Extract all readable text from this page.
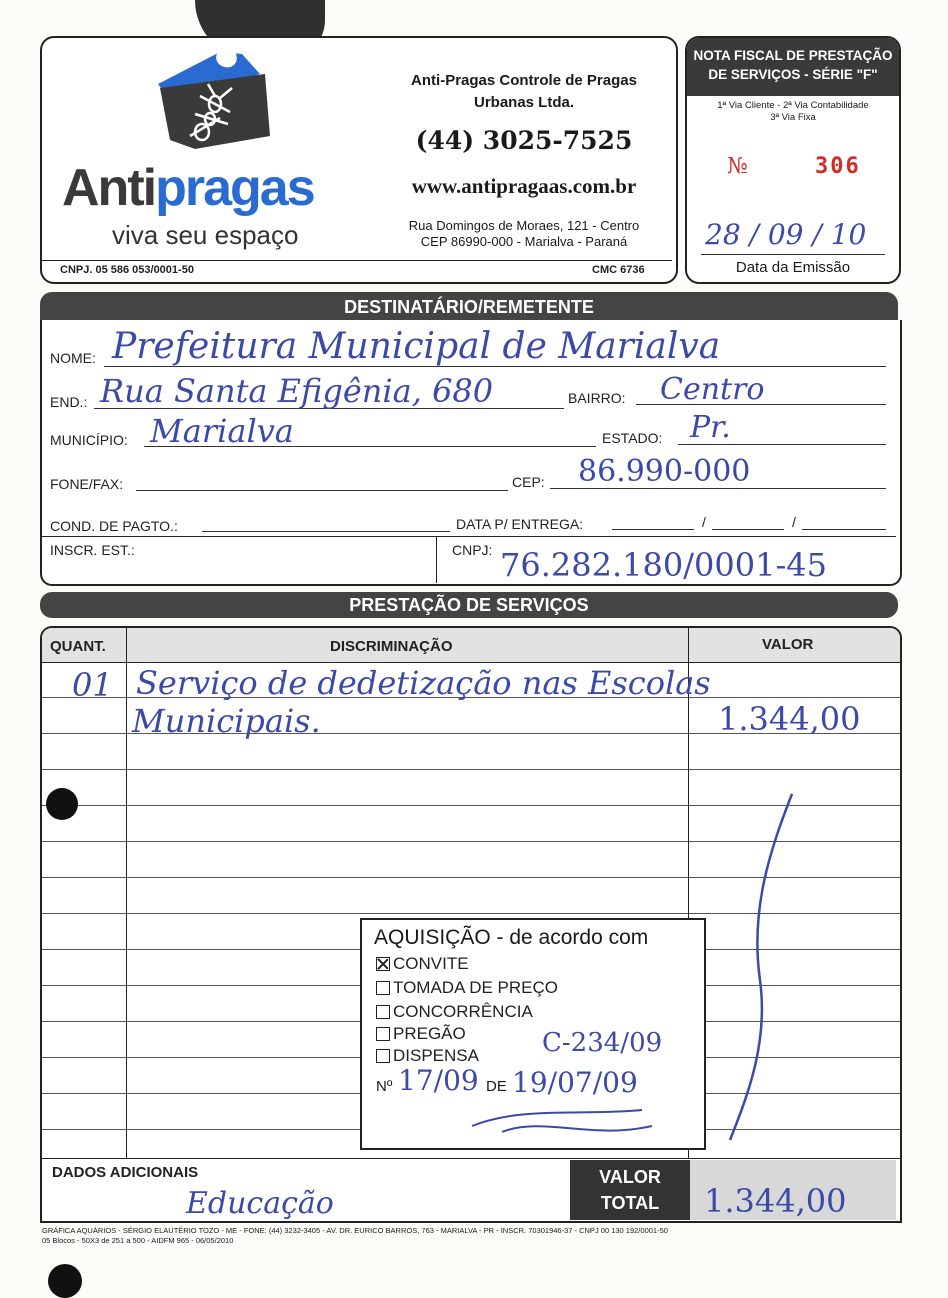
Antipragas
viva seu espaço
Anti-Pragas Controle de Pragas Urbanas Ltda.
(44) 3025-7525
www.antipragaas.com.br
Rua Domingos de Moraes, 121 - Centro
CEP 86990-000 - Marialva - Paraná
CNPJ. 05 586 053/0001-50	CMC 6736
NOTA FISCAL DE PRESTAÇÃO
DE SERVIÇOS - SÉRIE "F"
1ª Via Cliente - 2ª Via Contabilidade
3ª Via Fixa
№	306
28 / 09 / 10
Data da Emissão
DESTINATÁRIO/REMETENTE
NOME: Prefeitura Municipal de Marialva
END.: Rua Santa Efigênia, 680	BAIRRO: Centro
MUNICÍPIO: Marialva	ESTADO: Pr.
FONE/FAX:	CEP: 86.990-000
COND. DE PAGTO.:	DATA P/ ENTREGA:	/	/
INSCR. EST.:	CNPJ: 76.282.180/0001-45
PRESTAÇÃO DE SERVIÇOS
QUANT.	DISCRIMINAÇÃO	VALOR
01 Serviço de dedetização nas Escolas
Municipais.	1.344,00
AQUISIÇÃO - de acordo com
CONVITE
TOMADA DE PREÇO
CONCORRÊNCIA
PREGÃO
DISPENSA C-234/09
Nº 17/09 DE 19/07/09
DADOS ADICIONAIS
Educação
VALOR
TOTAL	1.344,00
GRÁFICA AQUÁRIOS - SÉRGIO ELAUTÉRIO TOZO - ME - FONE: (44) 3232-3405 - AV. DR. EURICO BARROS, 763 - MARIALVA - PR - INSCR. 70301946-37 - CNPJ 00 130 192/0001-50
05 Blocos - 50X3 de 251 a 500 - AIDFM 965 - 06/05/2010
